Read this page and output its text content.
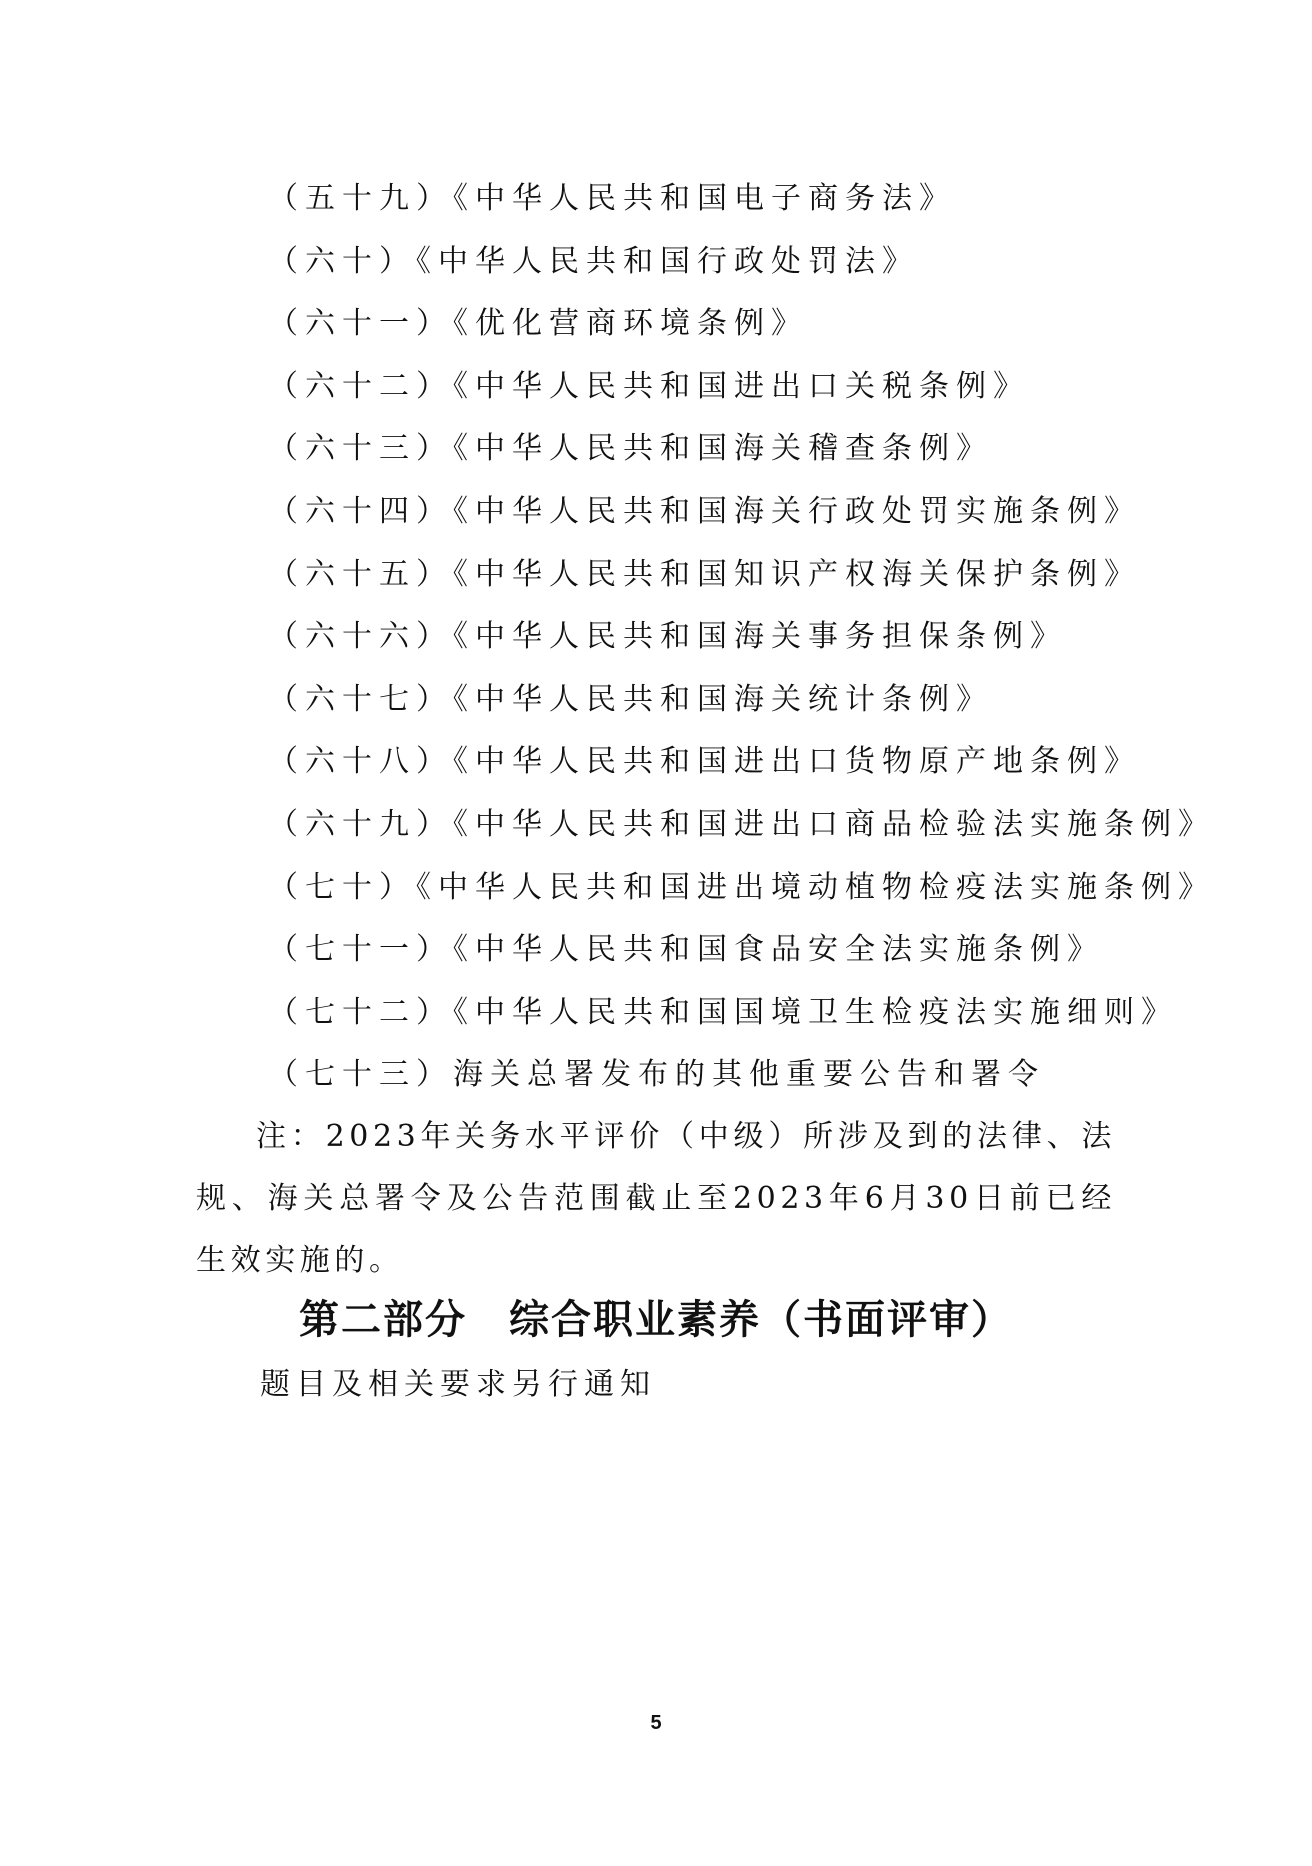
（五十九）《中华人民共和国电子商务法》
（六十）《中华人民共和国行政处罚法》
（六十一）《优化营商环境条例》
（六十二）《中华人民共和国进出口关税条例》
（六十三）《中华人民共和国海关稽查条例》
（六十四）《中华人民共和国海关行政处罚实施条例》
（六十五）《中华人民共和国知识产权海关保护条例》
（六十六）《中华人民共和国海关事务担保条例》
（六十七）《中华人民共和国海关统计条例》
（六十八）《中华人民共和国进出口货物原产地条例》
（六十九）《中华人民共和国进出口商品检验法实施条例》
（七十）《中华人民共和国进出境动植物检疫法实施条例》
（七十一）《中华人民共和国食品安全法实施条例》
（七十二）《中华人民共和国国境卫生检疫法实施细则》
（七十三）海关总署发布的其他重要公告和署令

注：2023年关务水平评价（中级）所涉及到的法律、法规、海关总署令及公告范围截止至2023年6月30日前已经生效实施的。

第二部分　综合职业素养（书面评审）

题目及相关要求另行通知

5
